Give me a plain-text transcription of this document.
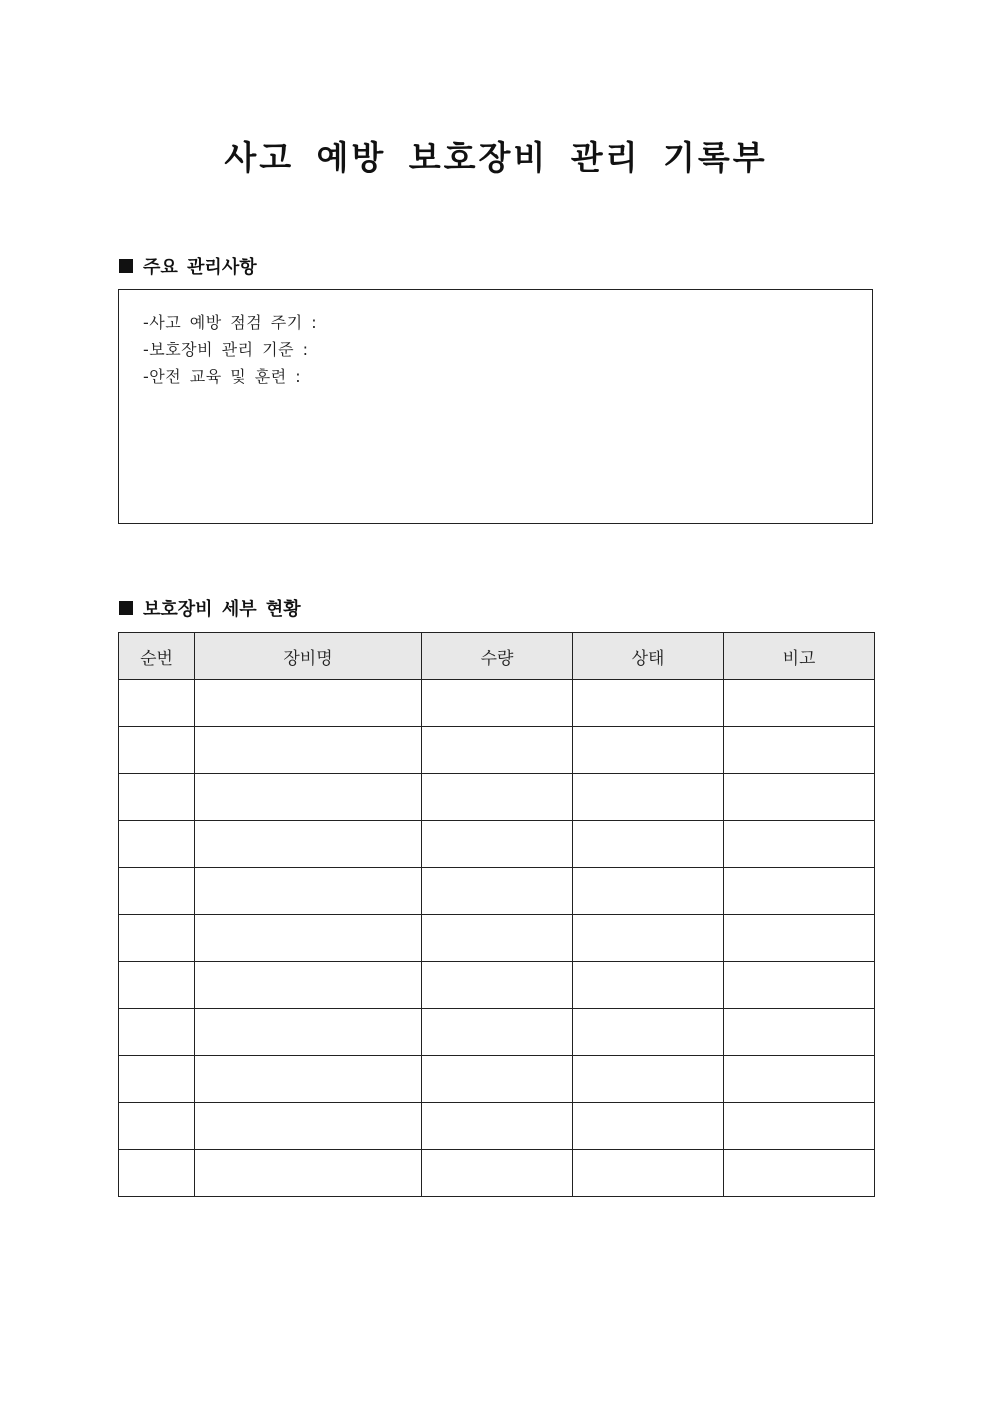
사고 예방 보호장비 관리 기록부
주요 관리사항
-사고 예방 점검 주기 :
-보호장비 관리 기준 :
-안전 교육 및 훈련 :
보호장비 세부 현황
순번	장비명	수량	상태	비고
